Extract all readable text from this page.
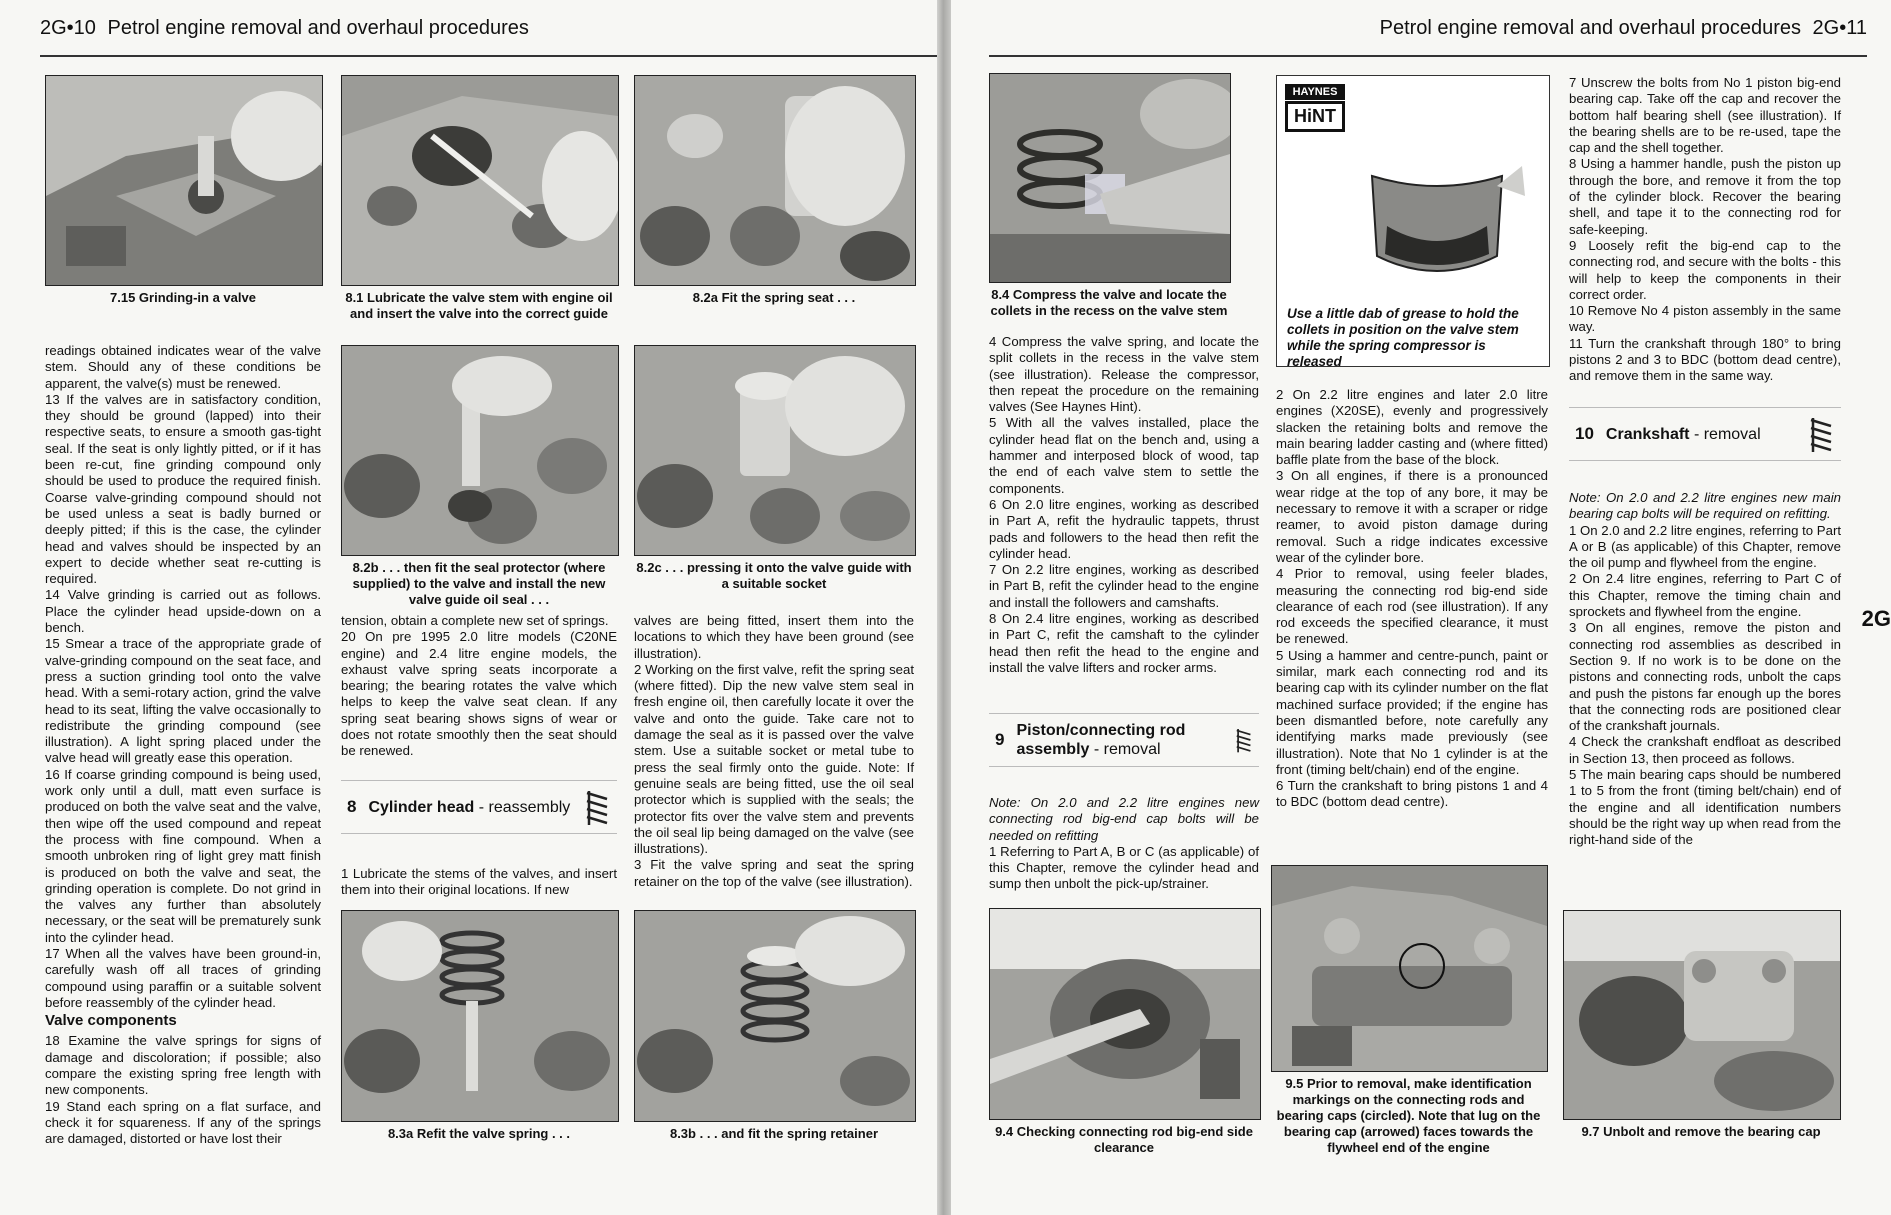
2G•10 Petrol engine removal and overhaul procedures
7.15 Grinding-in a valve	8.1 Lubricate the valve stem with engine oil and insert the valve into the correct guide
8.2a Fit the spring seat . . .
8.2b . . . then fit the seal protector (where supplied) to the valve and install the new valve guide oil seal . . .
8.2c . . . pressing it onto the valve guide with a suitable socket
8.3a Refit the valve spring . . .	8.3b . . . and fit the spring retainer

readings obtained indicates wear of the valve stem. Should any of these conditions be apparent, the valve(s) must be renewed.

13 If the valves are in satisfactory condition, they should be ground (lapped) into their respective seats, to ensure a smooth gas-tight seal. If the seat is only lightly pitted, or if it has been re-cut, fine grinding compound only should be used to produce the required finish. Coarse valve-grinding compound should not be used unless a seat is badly burned or deeply pitted; if this is the case, the cylinder head and valves should be inspected by an expert to decide whether seat re-cutting is required.

14 Valve grinding is carried out as follows. Place the cylinder head upside-down on a bench.

15 Smear a trace of the appropriate grade of valve-grinding compound on the seat face, and press a suction grinding tool onto the valve head. With a semi-rotary action, grind the valve head to its seat, lifting the valve occasionally to redistribute the grinding compound (see illustration). A light spring placed under the valve head will greatly ease this operation.

16 If coarse grinding compound is being used, work only until a dull, matt even surface is produced on both the valve seat and the valve, then wipe off the used compound and repeat the process with fine compound. When a smooth unbroken ring of light grey matt finish is produced on both the valve and seat, the grinding operation is complete. Do not grind in the valves any further than absolutely necessary, or the seat will be prematurely sunk into the cylinder head.

17 When all the valves have been ground-in, carefully wash off all traces of grinding compound using paraffin or a suitable solvent before reassembly of the cylinder head.

Valve components

18 Examine the valve springs for signs of damage and discoloration; if possible; also compare the existing spring free length with new components.

19 Stand each spring on a flat surface, and check it for squareness. If any of the springs are damaged, distorted or have lost their

tension, obtain a complete new set of springs.

20 On pre 1995 2.0 litre models (C20NE engine) and 2.4 litre engine models, the exhaust valve spring seats incorporate a bearing; the bearing rotates the valve which helps to keep the valve seat clean. If any spring seat bearing shows signs of wear or does not rotate smoothly then the seat should be renewed.

8 Cylinder head - reassembly

1 Lubricate the stems of the valves, and insert them into their original locations. If new

valves are being fitted, insert them into the locations to which they have been ground (see illustration).

2 Working on the first valve, refit the spring seat (where fitted). Dip the new valve stem seal in fresh engine oil, then carefully locate it over the valve and onto the guide. Take care not to damage the seal as it is passed over the valve stem. Use a suitable socket or metal tube to press the seal firmly onto the guide. Note: If genuine seals are being fitted, use the oil seal protector which is supplied with the seals; the protector fits over the valve stem and prevents the oil seal lip being damaged on the valve (see illustrations).

3 Fit the valve spring and seat the spring retainer on the top of the valve (see illustration).

Petrol engine removal and overhaul procedures 2G•11
2G
8.4 Compress the valve and locate the collets in the recess on the valve stem
HAYNES
HiNT
Use a little dab of grease to hold the collets in position on the valve stem while the spring compressor is released

4 Compress the valve spring, and locate the split collets in the recess in the valve stem (see illustration). Release the compressor, then repeat the procedure on the remaining valves (See Haynes Hint).

5 With all the valves installed, place the cylinder head flat on the bench and, using a hammer and interposed block of wood, tap the end of each valve stem to settle the components.

6 On 2.0 litre engines, working as described in Part A, refit the hydraulic tappets, thrust pads and followers to the head then refit the cylinder head.

7 On 2.2 litre engines, working as described in Part B, refit the cylinder head to the engine and install the followers and camshafts.

8 On 2.4 litre engines, working as described in Part C, refit the camshaft to the cylinder head then refit the head to the engine and install the valve lifters and rocker arms.

9 Piston/connecting rod assembly - removal

Note: On 2.0 and 2.2 litre engines new connecting rod big-end cap bolts will be needed on refitting

1 Referring to Part A, B or C (as applicable) of this Chapter, remove the cylinder head and sump then unbolt the pick-up/strainer.

9.4 Checking connecting rod big-end side clearance

2 On 2.2 litre engines and later 2.0 litre engines (X20SE), evenly and progressively slacken the retaining bolts and remove the main bearing ladder casting and (where fitted) baffle plate from the base of the block.

3 On all engines, if there is a pronounced wear ridge at the top of any bore, it may be necessary to remove it with a scraper or ridge reamer, to avoid piston damage during removal. Such a ridge indicates excessive wear of the cylinder bore.

4 Prior to removal, using feeler blades, measuring the connecting rod big-end side clearance of each rod (see illustration). If any rod exceeds the specified clearance, it must be renewed.

5 Using a hammer and centre-punch, paint or similar, mark each connecting rod and its bearing cap with its cylinder number on the flat machined surface provided; if the engine has been dismantled before, note carefully any identifying marks made previously (see illustration). Note that No 1 cylinder is at the front (timing belt/chain) end of the engine.

6 Turn the crankshaft to bring pistons 1 and 4 to BDC (bottom dead centre).

9.5 Prior to removal, make identification markings on the connecting rods and bearing caps (circled). Note that lug on the bearing cap (arrowed) faces towards the flywheel end of the engine

7 Unscrew the bolts from No 1 piston big-end bearing cap. Take off the cap and recover the bottom half bearing shell (see illustration). If the bearing shells are to be re-used, tape the cap and the shell together.

8 Using a hammer handle, push the piston up through the bore, and remove it from the top of the cylinder block. Recover the bearing shell, and tape it to the connecting rod for safe-keeping.

9 Loosely refit the big-end cap to the connecting rod, and secure with the bolts - this will help to keep the components in their correct order.

10 Remove No 4 piston assembly in the same way.

11 Turn the crankshaft through 180° to bring pistons 2 and 3 to BDC (bottom dead centre), and remove them in the same way.

10 Crankshaft - removal

Note: On 2.0 and 2.2 litre engines new main bearing cap bolts will be required on refitting.

1 On 2.0 and 2.2 litre engines, referring to Part A or B (as applicable) of this Chapter, remove the oil pump and flywheel from the engine.

2 On 2.4 litre engines, referring to Part C of this Chapter, remove the timing chain and sprockets and flywheel from the engine.

3 On all engines, remove the piston and connecting rod assemblies as described in Section 9. If no work is to be done on the pistons and connecting rods, unbolt the caps and push the pistons far enough up the bores that the connecting rods are positioned clear of the crankshaft journals.

4 Check the crankshaft endfloat as described in Section 13, then proceed as follows.

5 The main bearing caps should be numbered 1 to 5 from the front (timing belt/chain) end of the engine and all identification numbers should be the right way up when read from the right-hand side of the

9.7 Unbolt and remove the bearing cap
